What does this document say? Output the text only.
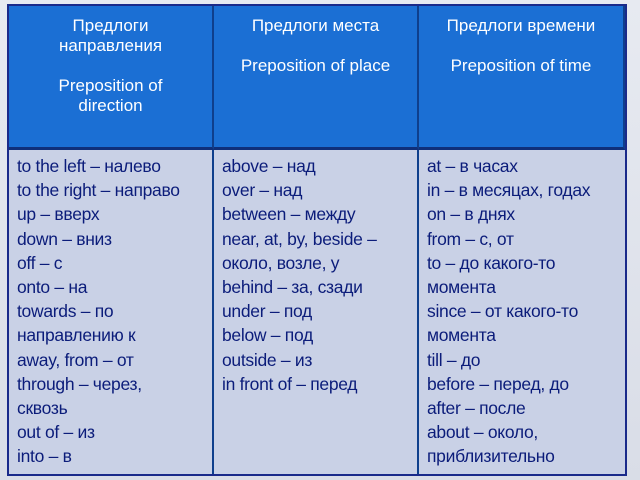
Предлоги
направления
Preposition of
direction
Предлоги места
Preposition of place
Предлоги времени
Preposition of time
to the left – налево
to the right – направо
up – вверх
down – вниз
off – с
onto – на
towards – по
направлению к
away, from – от
through – через,
сквозь
out of – из
into – в
above – над
over – над
between – между
near, at, by, beside –
около, возле, у
behind – за, сзади
under – под
below – под
outside – из
in front of – перед
at – в часах
in – в месяцах, годах
on – в днях
from – с, от
to – до какого-то
момента
since – от какого-то
момента
till – до
before – перед, до
after – после
about – около,
приблизительно
